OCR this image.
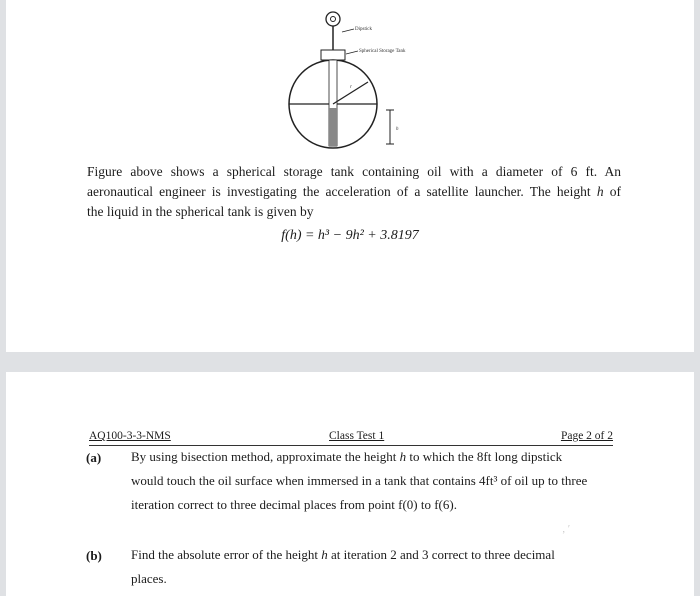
Dipstick
Spherical Storage Tank
r
h
Figure above shows a spherical storage tank containing oil with a diameter of 6 ft. An
aeronautical engineer is investigating the acceleration of a satellite launcher. The height h of
the liquid in the spherical tank is given by
f(h) = h³ − 9h² + 3.8197
AQ100-3-3-NMS	Class Test 1	Page 2 of 2
(a) By using bisection method, approximate the height h to which the 8ft long dipstick
would touch the oil surface when immersed in a tank that contains 4ft³ of oil up to three
iteration correct to three decimal places from point f(0) to f(6).
‚ ′
(b) Find the absolute error of the height h at iteration 2 and 3 correct to three decimal
places.
